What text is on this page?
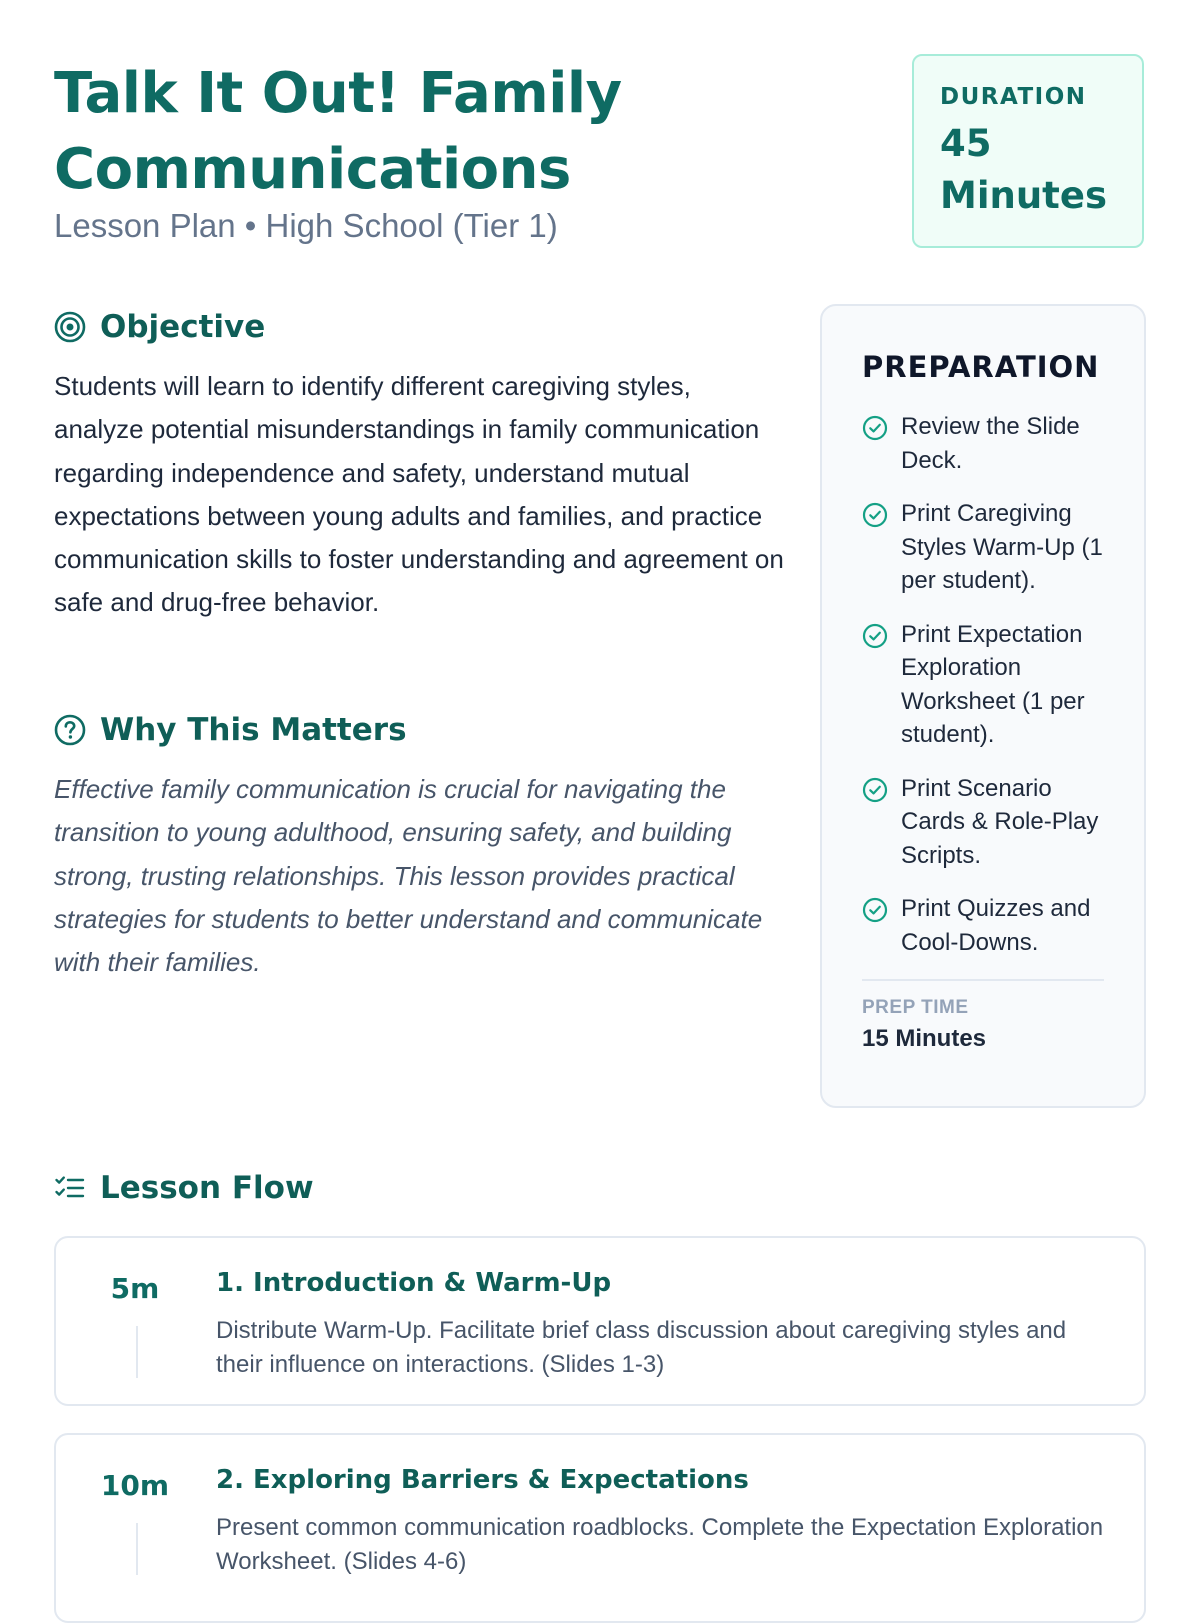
Talk It Out! Family Communications
Lesson Plan • High School (Tier 1)
DURATION
45 Minutes
Objective

Students will learn to identify different caregiving styles, analyze potential misunderstandings in family communication regarding independence and safety, understand mutual expectations between young adults and families, and practice communication skills to foster understanding and agreement on safe and drug-free behavior.

Why This Matters

Effective family communication is crucial for navigating the transition to young adulthood, ensuring safety, and building strong, trusting relationships. This lesson provides practical strategies for students to better understand and communicate with their families.

PREPARATION
Review the Slide Deck.
Print Caregiving Styles Warm-Up (1 per student).
Print Expectation Exploration Worksheet (1 per student).
Print Scenario Cards & Role-Play Scripts.
Print Quizzes and Cool-Downs.
PREP TIME
15 Minutes
Lesson Flow
5m	1. Introduction & Warm-Up

Distribute Warm-Up. Facilitate brief class discussion about caregiving styles and their influence on interactions. (Slides 1-3)

10m 2. Exploring Barriers & Expectations

Present common communication roadblocks. Complete the Expectation Exploration Worksheet. (Slides 4-6)
